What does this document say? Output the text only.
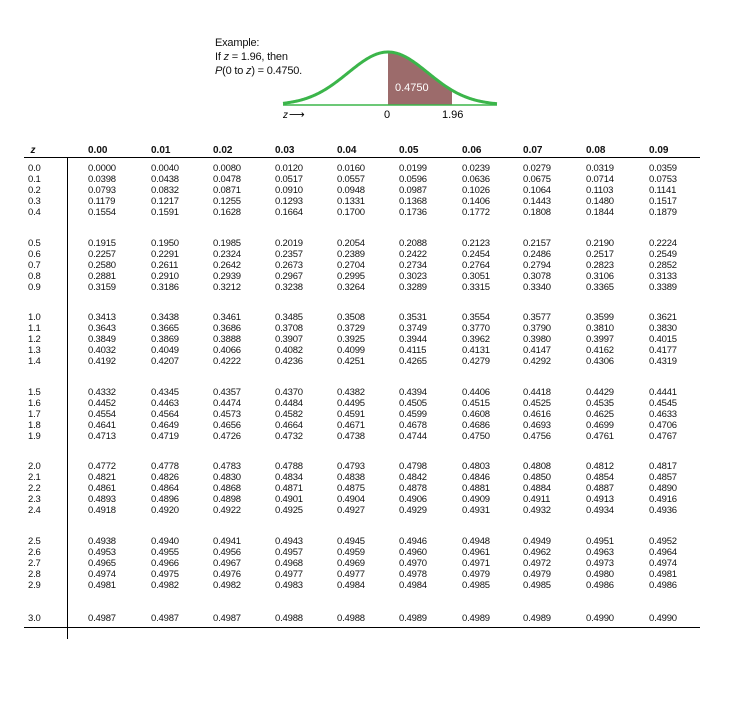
Example:
If z = 1.96, then
P(0 to z) = 0.4750.
0.4750
z ⟶	0	1.96
z	0.00	0.01	0.02	0.03	0.04	0.05	0.06	0.07	0.08	0.09
0.0	0.0000	0.0040	0.0080	0.0120	0.0160	0.0199	0.0239	0.0279	0.0319	0.0359
0.1	0.0398	0.0438	0.0478	0.0517	0.0557	0.0596	0.0636	0.0675	0.0714	0.0753
0.2	0.0793	0.0832	0.0871	0.0910	0.0948	0.0987	0.1026	0.1064	0.1103	0.1141
0.3	0.1179	0.1217	0.1255	0.1293	0.1331	0.1368	0.1406	0.1443	0.1480	0.1517
0.4	0.1554	0.1591	0.1628	0.1664	0.1700	0.1736	0.1772	0.1808	0.1844	0.1879
0.5	0.1915	0.1950	0.1985	0.2019	0.2054	0.2088	0.2123	0.2157	0.2190	0.2224
0.6	0.2257	0.2291	0.2324	0.2357	0.2389	0.2422	0.2454	0.2486	0.2517	0.2549
0.7	0.2580	0.2611	0.2642	0.2673	0.2704	0.2734	0.2764	0.2794	0.2823	0.2852
0.8	0.2881	0.2910	0.2939	0.2967	0.2995	0.3023	0.3051	0.3078	0.3106	0.3133
0.9	0.3159	0.3186	0.3212	0.3238	0.3264	0.3289	0.3315	0.3340	0.3365	0.3389
1.0	0.3413	0.3438	0.3461	0.3485	0.3508	0.3531	0.3554	0.3577	0.3599	0.3621
1.1	0.3643	0.3665	0.3686	0.3708	0.3729	0.3749	0.3770	0.3790	0.3810	0.3830
1.2	0.3849	0.3869	0.3888	0.3907	0.3925	0.3944	0.3962	0.3980	0.3997	0.4015
1.3	0.4032	0.4049	0.4066	0.4082	0.4099	0.4115	0.4131	0.4147	0.4162	0.4177
1.4	0.4192	0.4207	0.4222	0.4236	0.4251	0.4265	0.4279	0.4292	0.4306	0.4319
1.5	0.4332	0.4345	0.4357	0.4370	0.4382	0.4394	0.4406	0.4418	0.4429	0.4441
1.6	0.4452	0.4463	0.4474	0.4484	0.4495	0.4505	0.4515	0.4525	0.4535	0.4545
1.7	0.4554	0.4564	0.4573	0.4582	0.4591	0.4599	0.4608	0.4616	0.4625	0.4633
1.8	0.4641	0.4649	0.4656	0.4664	0.4671	0.4678	0.4686	0.4693	0.4699	0.4706
1.9	0.4713	0.4719	0.4726	0.4732	0.4738	0.4744	0.4750	0.4756	0.4761	0.4767
2.0	0.4772	0.4778	0.4783	0.4788	0.4793	0.4798	0.4803	0.4808	0.4812	0.4817
2.1	0.4821	0.4826	0.4830	0.4834	0.4838	0.4842	0.4846	0.4850	0.4854	0.4857
2.2	0.4861	0.4864	0.4868	0.4871	0.4875	0.4878	0.4881	0.4884	0.4887	0.4890
2.3	0.4893	0.4896	0.4898	0.4901	0.4904	0.4906	0.4909	0.4911	0.4913	0.4916
2.4	0.4918	0.4920	0.4922	0.4925	0.4927	0.4929	0.4931	0.4932	0.4934	0.4936
2.5	0.4938	0.4940	0.4941	0.4943	0.4945	0.4946	0.4948	0.4949	0.4951	0.4952
2.6	0.4953	0.4955	0.4956	0.4957	0.4959	0.4960	0.4961	0.4962	0.4963	0.4964
2.7	0.4965	0.4966	0.4967	0.4968	0.4969	0.4970	0.4971	0.4972	0.4973	0.4974
2.8	0.4974	0.4975	0.4976	0.4977	0.4977	0.4978	0.4979	0.4979	0.4980	0.4981
2.9	0.4981	0.4982	0.4982	0.4983	0.4984	0.4984	0.4985	0.4985	0.4986	0.4986
3.0	0.4987	0.4987	0.4987	0.4988	0.4988	0.4989	0.4989	0.4989	0.4990	0.4990
